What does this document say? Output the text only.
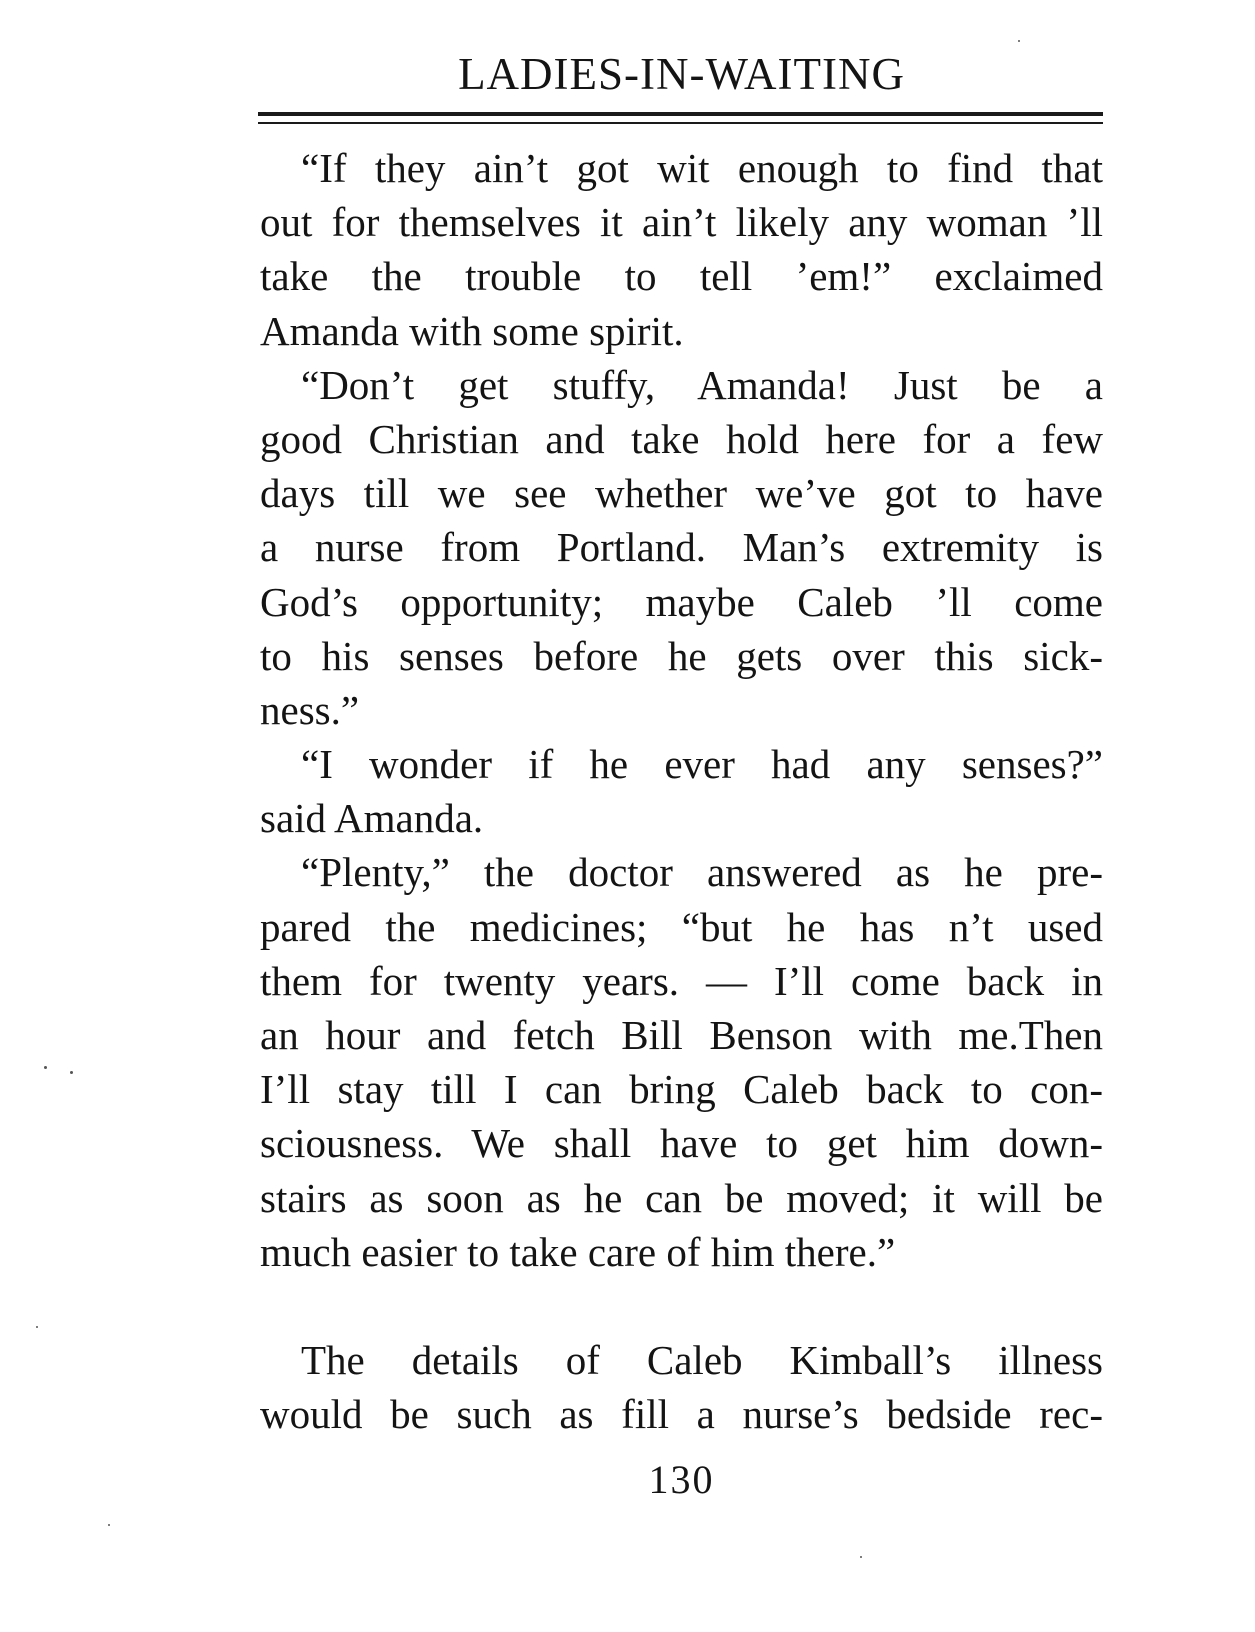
LADIES-IN-WAITING
“If they ain’t got wit enough to find that
out for themselves it ain’t likely any woman ’ll
take the trouble to tell ’em!” exclaimed
Amanda with some spirit.
“Don’t get stuffy, Amanda! Just be a
good Christian and take hold here for a few
days till we see whether we’ve got to have
a nurse from Portland. Man’s extremity is
God’s opportunity; maybe Caleb ’ll come
to his senses before he gets over this sick-
ness.”
“I wonder if he ever had any senses?”
said Amanda.
“Plenty,” the doctor answered as he pre-
pared the medicines; “but he has n’t used
them for twenty years. — I’ll come back in
an hour and fetch Bill Benson with me.Then
I’ll stay till I can bring Caleb back to con-
sciousness. We shall have to get him down-
stairs as soon as he can be moved; it will be
much easier to take care of him there.”
The details of Caleb Kimball’s illness
would be such as fill a nurse’s bedside rec-
130
